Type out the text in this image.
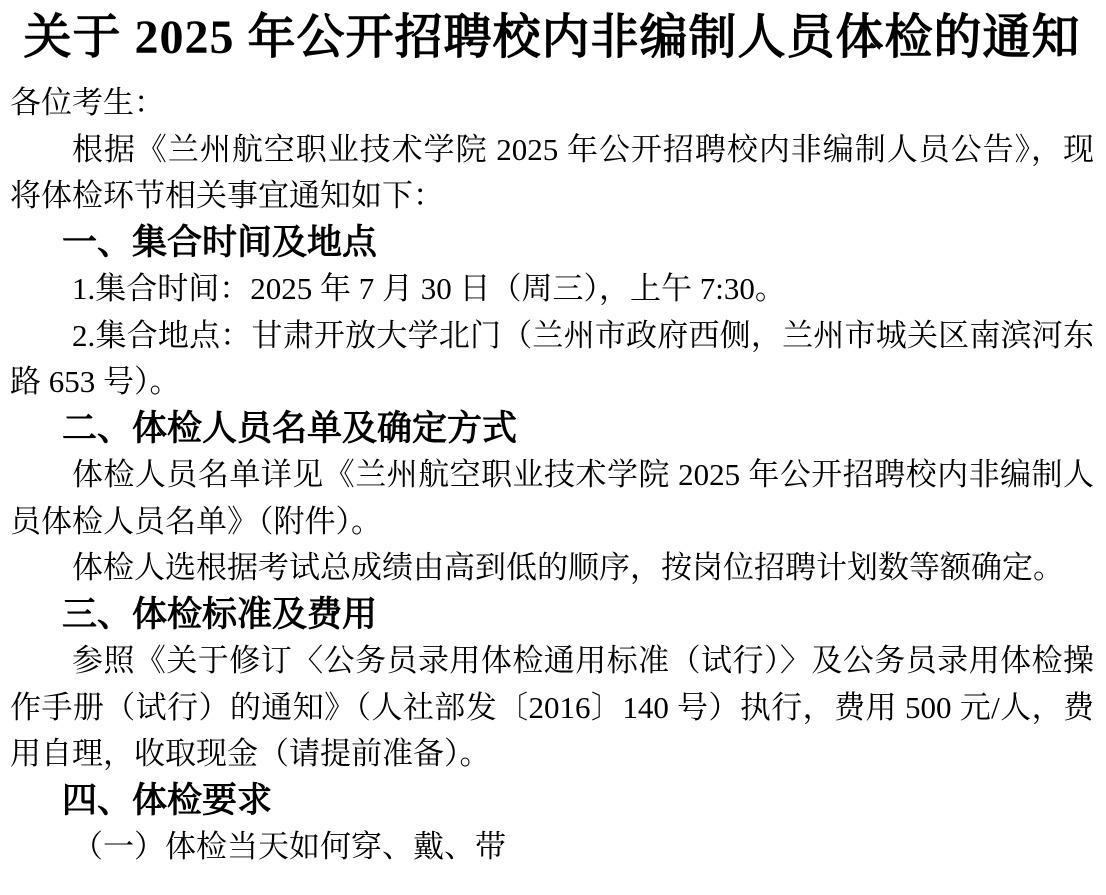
关于 2025 年公开招聘校内非编制人员体检的通知

各位考生：

根据《兰州航空职业技术学院 2025 年公开招聘校内非编制人员公告》，现将体检环节相关事宜通知如下：

一、集合时间及地点

1.集合时间：2025 年 7 月 30 日（周三），上午 7:30。

2.集合地点：甘肃开放大学北门（兰州市政府西侧，兰州市城关区南滨河东路 653 号）。

二、体检人员名单及确定方式

体检人员名单详见《兰州航空职业技术学院 2025 年公开招聘校内非编制人员体检人员名单》（附件）。

体检人选根据考试总成绩由高到低的顺序，按岗位招聘计划数等额确定。

三、体检标准及费用

参照《关于修订〈公务员录用体检通用标准（试行）〉及公务员录用体检操作手册（试行）的通知》（人社部发〔2016〕140 号）执行，费用 500 元/人，费用自理，收取现金（请提前准备）。

四、体检要求

（一）体检当天如何穿、戴、带
